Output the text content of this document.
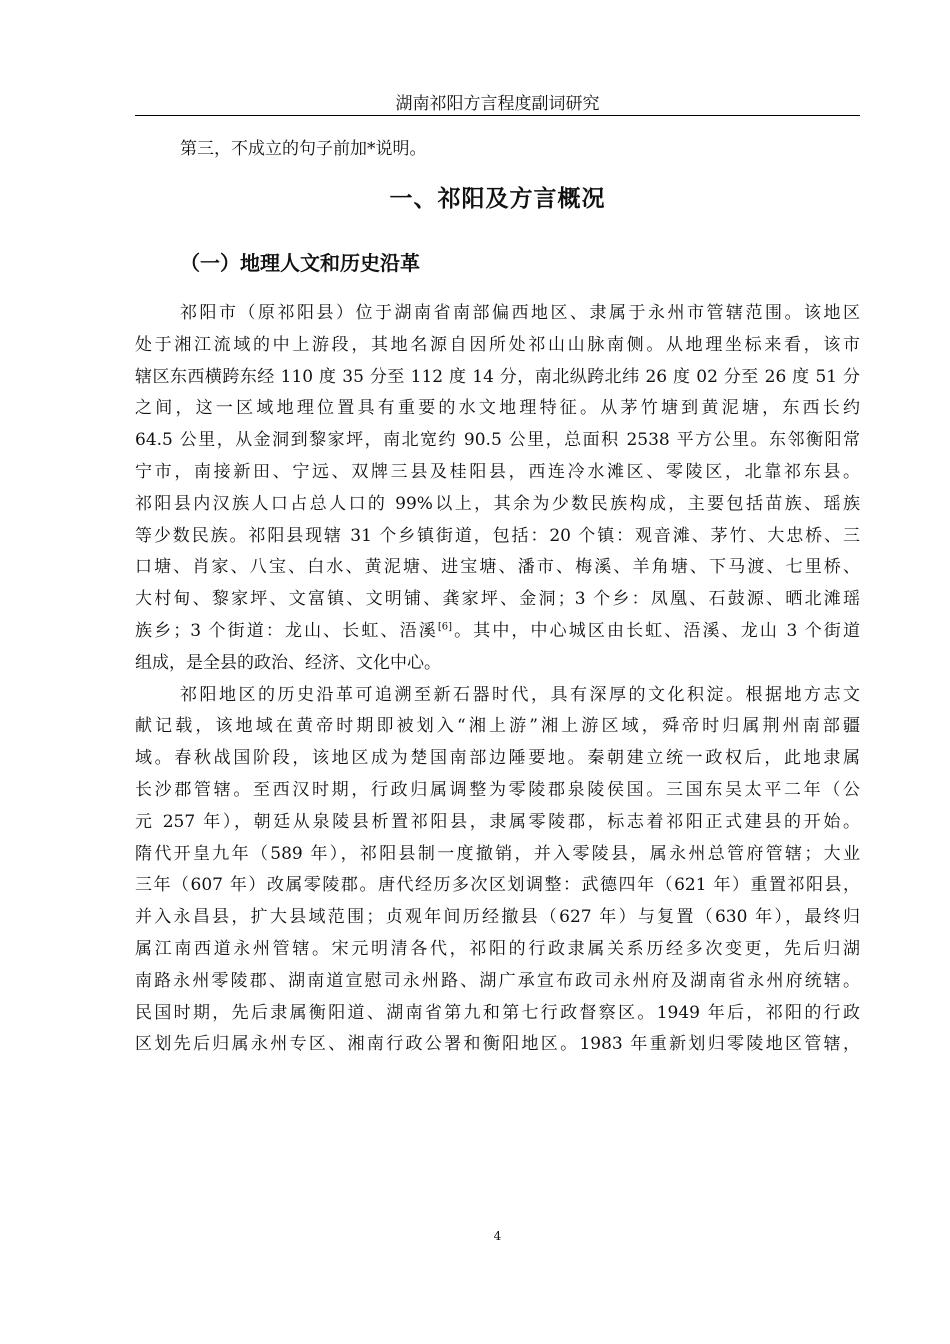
湖南祁阳方言程度副词研究
第三，不成立的句子前加*说明。
一、祁阳及方言概况
（一）地理人文和历史沿革
祁阳市（原祁阳县）位于湖南省南部偏西地区、隶属于永州市管辖范围。该地区
处于湘江流域的中上游段，其地名源自因所处祁山山脉南侧。从地理坐标来看，该市
辖区东西横跨东经 110 度 35 分至 112 度 14 分，南北纵跨北纬 26 度 02 分至 26 度 51 分
之间，这一区域地理位置具有重要的水文地理特征。从茅竹塘到黄泥塘，东西长约
64.5 公里，从金洞到黎家坪，南北宽约 90.5 公里，总面积 2538 平方公里。东邻衡阳常
宁市，南接新田、宁远、双牌三县及桂阳县，西连冷水滩区、零陵区，北靠祁东县。
祁阳县内汉族人口占总人口的 99%以上，其余为少数民族构成，主要包括苗族、瑶族
等少数民族。祁阳县现辖 31 个乡镇街道，包括：20 个镇：观音滩、茅竹、大忠桥、三
口塘、肖家、八宝、白水、黄泥塘、进宝塘、潘市、梅溪、羊角塘、下马渡、七里桥、
大村甸、黎家坪、文富镇、文明铺、龚家坪、金洞；3 个乡：凤凰、石鼓源、晒北滩瑶
族乡；3 个街道：龙山、长虹、浯溪[6]。其中，中心城区由长虹、浯溪、龙山 3 个街道
组成，是全县的政治、经济、文化中心。
祁阳地区的历史沿革可追溯至新石器时代，具有深厚的文化积淀。根据地方志文
献记载，该地域在黄帝时期即被划入“湘上游”湘上游区域，舜帝时归属荆州南部疆
域。春秋战国阶段，该地区成为楚国南部边陲要地。秦朝建立统一政权后，此地隶属
长沙郡管辖。至西汉时期，行政归属调整为零陵郡泉陵侯国。三国东吴太平二年（公
元 257 年），朝廷从泉陵县析置祁阳县，隶属零陵郡，标志着祁阳正式建县的开始。
隋代开皇九年（589 年），祁阳县制一度撤销，并入零陵县，属永州总管府管辖；大业
三年（607 年）改属零陵郡。唐代经历多次区划调整：武德四年（621 年）重置祁阳县，
并入永昌县，扩大县域范围；贞观年间历经撤县（627 年）与复置（630 年），最终归
属江南西道永州管辖。宋元明清各代，祁阳的行政隶属关系历经多次变更，先后归湖
南路永州零陵郡、湖南道宣慰司永州路、湖广承宣布政司永州府及湖南省永州府统辖。
民国时期，先后隶属衡阳道、湖南省第九和第七行政督察区。1949 年后，祁阳的行政
区划先后归属永州专区、湘南行政公署和衡阳地区。1983 年重新划归零陵地区管辖，
4
